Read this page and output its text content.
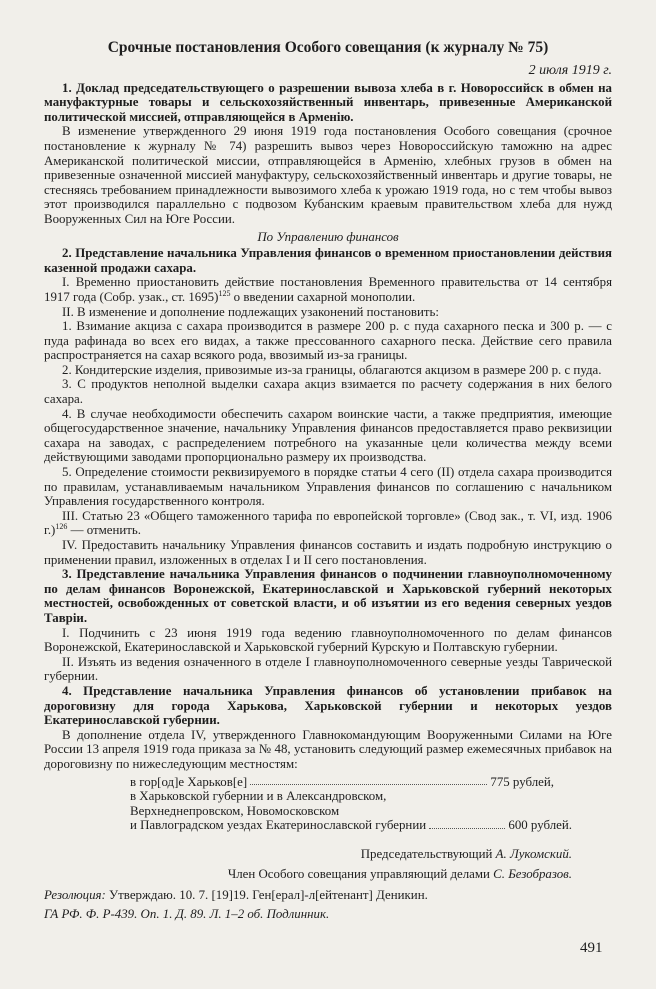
Срочные постановления Особого совещания (к журналу № 75)
2 июля 1919 г.

1. Доклад председательствующего о разрешении вывоза хлеба в г. Новороссийск в обмен на мануфактурные товары и сельскохозяйственный инвентарь, привезенные Американской политической миссией, отправляющейся в Арменію.

В изменение утвержденного 29 июня 1919 года постановления Особого совещания (срочное постановление к журналу № 74) разрешить вывоз через Новороссийскую таможню на адрес Американской политической миссии, отправляющейся в Арменію, хлебных грузов в обмен на привезенные означенной миссией мануфактуру, сельскохозяйственный инвентарь и другие товары, не стесняясь требованием принадлежности вывозимого хлеба к урожаю 1919 года, но с тем чтобы вывоз этот производился параллельно с подвозом Кубанским краевым правительством хлеба для нужд Вооруженных Сил на Юге России.

По Управлению финансов

2. Представление начальника Управления финансов о временном приостановлении действия казенной продажи сахара.

I. Временно приостановить действие постановления Временного правительства от 14 сентября 1917 года (Собр. узак., ст. 1695)$^{125}$ о введении сахарной монополии.

II. В изменение и дополнение подлежащих узаконений постановить:

1. Взимание акциза с сахара производится в размере 200 р. с пуда сахарного песка и 300 р. — с пуда рафинада во всех его видах, а также прессованного сахарного песка. Действие сего правила распространяется на сахар всякого рода, ввозимый из-за границы.

2. Кондитерские изделия, привозимые из-за границы, облагаются акцизом в размере 200 р. с пуда.

3. С продуктов неполной выделки сахара акциз взимается по расчету содержания в них белого сахара.

4. В случае необходимости обеспечить сахаром воинские части, а также предприятия, имеющие общегосударственное значение, начальнику Управления финансов предоставляется право реквизиции сахара на заводах, с распределением потребного на указанные цели количества между всеми действующими заводами пропорционально размеру их производства.

5. Определение стоимости реквизируемого в порядке статьи 4 сего (II) отдела сахара производится по правилам, устанавливаемым начальником Управления финансов по соглашению с начальником Управления государственного контроля.

III. Статью 23 «Общего таможенного тарифа по европейской торговле» (Свод зак., т. VI, изд. 1906 г.)$^{126}$ — отменить.

IV. Предоставить начальнику Управления финансов составить и издать подробную инструкцию о применении правил, изложенных в отделах I и II сего постановления.

3. Представление начальника Управления финансов о подчинении главноуполномоченному по делам финансов Воронежской, Екатеринославской и Харьковской губерний некоторых местностей, освобожденных от советской власти, и об изъятии из его ведения северных уездов Тавріи.

I. Подчинить с 23 июня 1919 года ведению главноуполномоченного по делам финансов Воронежской, Екатеринославской и Харьковской губерний Курскую и Полтавскую губернии.

II. Изъять из ведения означенного в отделе I главноуполномоченного северные уезды Таврической губернии.

4. Представление начальника Управления финансов об установлении прибавок на дороговизну для города Харькова, Харьковской губернии и некоторых уездов Екатеринославской губернии.

В дополнение отдела IV, утвержденного Главнокомандующим Вооруженными Силами на Юге России 13 апреля 1919 года приказа за № 48, установить следующий размер ежемесячных прибавок на дороговизну по нижеследующим местностям:

в гор[од]е Харьков[е]	775 рублей,
в Харьковской губернии и в Александровском,
Верхнеднепровском, Новомосковском
и Павлоградском уездах Екатеринославской губернии	600 рублей.
Председательствующий А. Лукомский.
Член Особого совещания управляющий делами С. Безобразов.

Резолюция: Утверждаю. 10. 7. [19]19. Ген[ерал]-л[ейтенант] Деникин.

ГА РФ. Ф. Р-439. Оп. 1. Д. 89. Л. 1–2 об. Подлинник.

491
